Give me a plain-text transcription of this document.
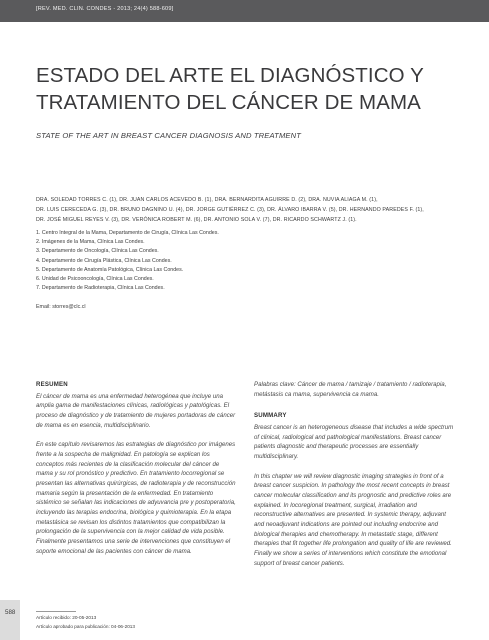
[REV. MED. CLIN. CONDES - 2013; 24(4) 588-609]
ESTADO DEL ARTE EL DIAGNÓSTICO Y
TRATAMIENTO DEL CÁNCER DE MAMA
STATE OF THE ART IN BREAST CANCER DIAGNOSIS AND TREATMENT
DRA. SOLEDAD TORRES C. (1), DR. JUAN CARLOS ACEVEDO B. (1), DRA. BERNARDITA AGUIRRE D. (2), DRA. NUVIA ALIAGA M. (1),
DR. LUIS CERECEDA G. (3), DR. BRUNO DAGNINO U. (4), DR. JORGE GUTIÉRREZ C. (3), DR. ÁLVARO IBARRA V. (5), DR. HERNANDO PAREDES F. (1),
DR. JOSÉ MIGUEL REYES V. (3), DR. VERÓNICA ROBERT M. (6), DR. ANTONIO SOLA V. (7), DR. RICARDO SCHWARTZ J. (1).
1. Centro Integral de la Mama, Departamento de Cirugía, Clínica Las Condes.
2. Imágenes de la Mama, Clínica Las Condes.
3. Departamento de Oncología, Clínica Las Condes.
4. Departamento de Cirugía Plástica, Clínica Las Condes.
5. Departamento de Anatomía Patológica, Clínica Las Condes.
6. Unidad de Psicooncología, Clínica Las Condes.
7. Departamento de Radioterapia, Clínica Las Condes.
Email: storres@clc.cl
RESUMEN

El cáncer de mama es una enfermedad heterogénea que incluye una amplia gama de manifestaciones clínicas, radiológicas y patológicas. El proceso de diagnóstico y de tratamiento de mujeres portadoras de cáncer de mama es en esencia, multidisciplinario.

En este capítulo revisaremos las estrategias de diagnóstico por imágenes frente a la sospecha de malignidad. En patología se explican los conceptos más recientes de la clasificación molecular del cáncer de mama y su rol pronóstico y predictivo. En tratamiento locorregional se presentan las alternativas quirúrgicas, de radioterapia y de reconstrucción mamaria según la presentación de la enfermedad. En tratamiento sistémico se señalan las indicaciones de adyuvancia pre y postoperatoria, incluyendo las terapias endocrina, biológica y quimioterapia. En la etapa metastásica se revisan los distintos tratamientos que compatibilizan la prolongación de la supervivencia con la mejor calidad de vida posible. Finalmente presentamos una serie de intervenciones que constituyen el soporte emocional de las pacientes con cáncer de mama.

Palabras clave: Cáncer de mama / tamizaje / tratamiento / radioterapia, metástasis ca mama, supervivencia ca mama.

SUMMARY

Breast cancer is an heterogeneous disease that includes a wide spectrum of clinical, radiological and pathological manifestations. Breast cancer patients diagnostic and therapeutic processes are essentially multidisciplinary.

In this chapter we will review diagnostic imaging strategies in front of a breast cancer suspicion. In pathology the most recent concepts in breast cancer molecular classification and its prognostic and predictive roles are explained. In locoregional treatment, surgical, irradiation and reconstructive alternatives are presented. In systemic therapy, adjuvant and neoadjuvant indications are pointed out including endocrine and biological therapies and chemotherapy. In metastatic stage, different therapies that fit together life prolongation and quality of life are reviewed. Finally we show a series of interventions which constitute the emotional support of breast cancer patients.

588
Artículo recibido: 20-05-2013
Artículo aprobado para publicación: 04-06-2013
